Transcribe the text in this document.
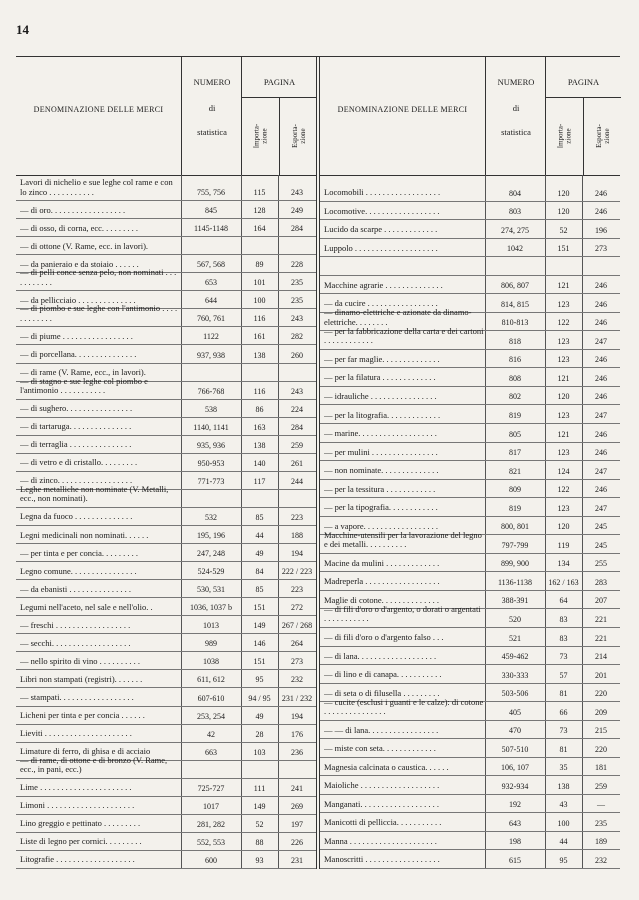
14
DENOMINAZIONE DELLE MERCI
NUMERO
di
statistica
PAGINA
Importa-
zione	Esporta-
zione
Lavori di nichelio e sue leghe col rame e con lo zinco . . . . . . . . . . .	755, 756	115	243
— di oro. . . . . . . . . . . . . . . . . .	845	128	249
— di osso, di corna, ecc. . . . . . . . .	1145-1148	164	284
— di ottone (V. Rame, ecc. in lavori).
— da panieraio e da stoiaio . . . . . .	567, 568	89	228
— di pelli conce senza pelo, non nominati . . . . . . . . . . .	653	101	235
— da pellicciaio . . . . . . . . . . . . . .	644	100	235
— di piombo e sue leghe con l'antimonio . . . . . . . . . . . .	760, 761	116	243
— di piume . . . . . . . . . . . . . . . . .	1122	161	282
— di porcellana. . . . . . . . . . . . . . .	937, 938	138	260
— di rame (V. Rame, ecc., in lavori).
— di stagno e sue leghe col piombo e l'antimonio . . . . . . . . . . .	766-768	116	243
— di sughero. . . . . . . . . . . . . . . .	538	86	224
— di tartaruga. . . . . . . . . . . . . . .	1140, 1141	163	284
— di terraglia . . . . . . . . . . . . . . .	935, 936	138	259
— di vetro e di cristallo. . . . . . . . .	950-953	140	261
— di zinco. . . . . . . . . . . . . . . . . .	771-773	117	244
Leghe metalliche non nominate (V. Metalli, ecc., non nominati).
Legna da fuoco . . . . . . . . . . . . . .	532	85	223
Legni medicinali non nominati. . . . . .	195, 196	44	188
— per tinta e per concia. . . . . . . . .	247, 248	49	194
Legno comune. . . . . . . . . . . . . . . .	524-529	84	222 / 223
— da ebanisti . . . . . . . . . . . . . . .	530, 531	85	223
Legumi nell'aceto, nel sale e nell'olio. .	1036, 1037 b	151	272
— freschi . . . . . . . . . . . . . . . . . .	1013	149	267 / 268
— secchi. . . . . . . . . . . . . . . . . . .	989	146	264
— nello spirito di vino . . . . . . . . . .	1038	151	273
Libri non stampati (registri). . . . . . .	611, 612	95	232
— stampati. . . . . . . . . . . . . . . . . .	607-610	94 / 95	231 / 232
Licheni per tinta e per concia . . . . . .	253, 254	49	194
Lieviti . . . . . . . . . . . . . . . . . . . . .	42	28	176
Limature di ferro, di ghisa e di acciaio	663	103	236
— di rame, di ottone e di bronzo (V. Rame, ecc., in pani, ecc.)
Lime . . . . . . . . . . . . . . . . . . . . . .	725-727	111	241
Limoni . . . . . . . . . . . . . . . . . . . . .	1017	149	269
Lino greggio e pettinato . . . . . . . . .	281, 282	52	197
Liste di legno per cornici. . . . . . . . .	552, 553	88	226
Litografie . . . . . . . . . . . . . . . . . . .	600	93	231
DENOMINAZIONE DELLE MERCI
NUMERO
di
statistica
PAGINA
Importa-
zione	Esporta-
zione
Locomobili . . . . . . . . . . . . . . . . . .	804	120	246
Locomotive. . . . . . . . . . . . . . . . . .	803	120	246
Lucido da scarpe . . . . . . . . . . . . .	274, 275	52	196
Luppolo . . . . . . . . . . . . . . . . . . . .	1042	151	273
Macchine agrarie . . . . . . . . . . . . . .	806, 807	121	246
— da cucire . . . . . . . . . . . . . . . . .	814, 815	123	246
— dinamo-elettriche e azionate da dinamo-elettriche. . . . . . . .	810-813	122	246
— per la fabbricazione della carta e dei cartoni . . . . . . . . . . . .	818	123	247
— per far maglie. . . . . . . . . . . . . .	816	123	246
— per la filatura . . . . . . . . . . . . .	808	121	246
— idrauliche . . . . . . . . . . . . . . . .	802	120	246
— per la litografia. . . . . . . . . . . . .	819	123	247
— marine. . . . . . . . . . . . . . . . . . .	805	121	246
— per mulini . . . . . . . . . . . . . . . .	817	123	246
— non nominate. . . . . . . . . . . . . .	821	124	247
— per la tessitura . . . . . . . . . . . .	809	122	246
— per la tipografia. . . . . . . . . . . .	819	123	247
— a vapore. . . . . . . . . . . . . . . . . .	800, 801	120	245
Macchine-utensili per la lavorazione del legno e dei metalli. . . . . . . . . .	797-799	119	245
Macine da mulini . . . . . . . . . . . . .	899, 900	134	255
Madreperla . . . . . . . . . . . . . . . . . .	1136-1138	162 / 163	283
Maglie di cotone. . . . . . . . . . . . . .	388-391	64	207
— di fili d'oro o d'argento, o dorati o argentati . . . . . . . . . . .	520	83	221
— di fili d'oro o d'argento falso . . .	521	83	221
— di lana. . . . . . . . . . . . . . . . . . .	459-462	73	214
— di lino e di canapa. . . . . . . . . . .	330-333	57	201
— di seta o di filusella . . . . . . . . .	503-506	81	220
— cucite (esclusi i guanti e le calze): di cotone . . . . . . . . . . . . . . .	405	66	209
— — di lana. . . . . . . . . . . . . . . . .	470	73	215
— miste con seta. . . . . . . . . . . . .	507-510	81	220
Magnesia calcinata o caustica. . . . . .	106, 107	35	181
Maioliche . . . . . . . . . . . . . . . . . . .	932-934	138	259
Manganati. . . . . . . . . . . . . . . . . . .	192	43	—
Manicotti di pelliccia. . . . . . . . . . .	643	100	235
Manna . . . . . . . . . . . . . . . . . . . . .	198	44	189
Manoscritti . . . . . . . . . . . . . . . . . .	615	95	232
